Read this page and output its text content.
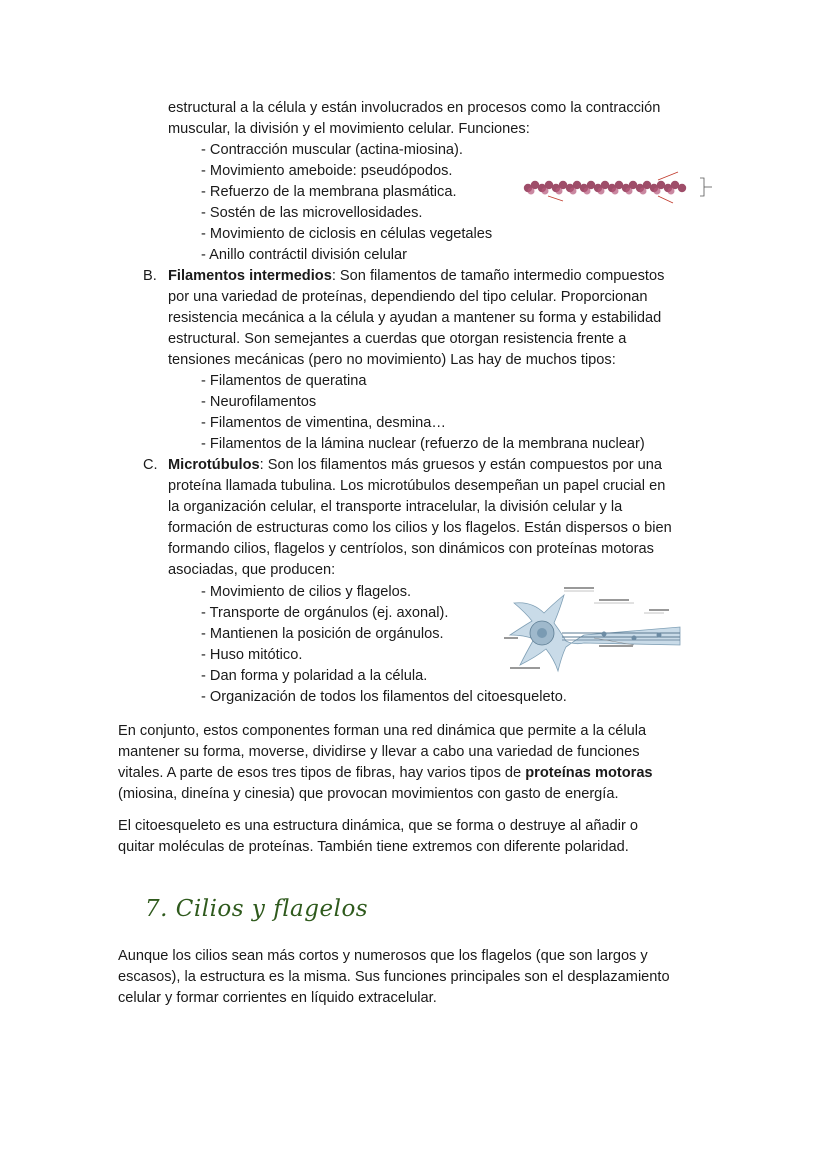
estructural a la célula y están involucrados en procesos como la contracción
muscular, la división y el movimiento celular. Funciones:
- Contracción muscular (actina-miosina).
- Movimiento ameboide: pseudópodos.
- Refuerzo de la membrana plasmática.
- Sostén de las microvellosidades.
- Movimiento de ciclosis en células vegetales
- Anillo contráctil división celular
B. Filamentos intermedios: Son filamentos de tamaño intermedio compuestos
por una variedad de proteínas, dependiendo del tipo celular. Proporcionan
resistencia mecánica a la célula y ayudan a mantener su forma y estabilidad
estructural. Son semejantes a cuerdas que otorgan resistencia frente a
tensiones mecánicas (pero no movimiento) Las hay de muchos tipos:
- Filamentos de queratina
- Neurofilamentos
- Filamentos de vimentina, desmina…
- Filamentos de la lámina nuclear (refuerzo de la membrana nuclear)
C. Microtúbulos: Son los filamentos más gruesos y están compuestos por una
proteína llamada tubulina. Los microtúbulos desempeñan un papel crucial en
la organización celular, el transporte intracelular, la división celular y la
formación de estructuras como los cilios y los flagelos. Están dispersos o bien
formando cilios, flagelos y centríolos, son dinámicos con proteínas motoras
asociadas, que producen:
- Movimiento de cilios y flagelos.
- Transporte de orgánulos (ej. axonal).
- Mantienen la posición de orgánulos.
- Huso mitótico.
- Dan forma y polaridad a la célula.
- Organización de todos los filamentos del citoesqueleto.
En conjunto, estos componentes forman una red dinámica que permite a la célula
mantener su forma, moverse, dividirse y llevar a cabo una variedad de funciones
vitales. A parte de esos tres tipos de fibras, hay varios tipos de proteínas motoras
(miosina, dineína y cinesia) que provocan movimientos con gasto de energía.
El citoesqueleto es una estructura dinámica, que se forma o destruye al añadir o
quitar moléculas de proteínas. También tiene extremos con diferente polaridad.
7. Cilios y flagelos
Aunque los cilios sean más cortos y numerosos que los flagelos (que son largos y
escasos), la estructura es la misma. Sus funciones principales son el desplazamiento
celular y formar corrientes en líquido extracelular.
